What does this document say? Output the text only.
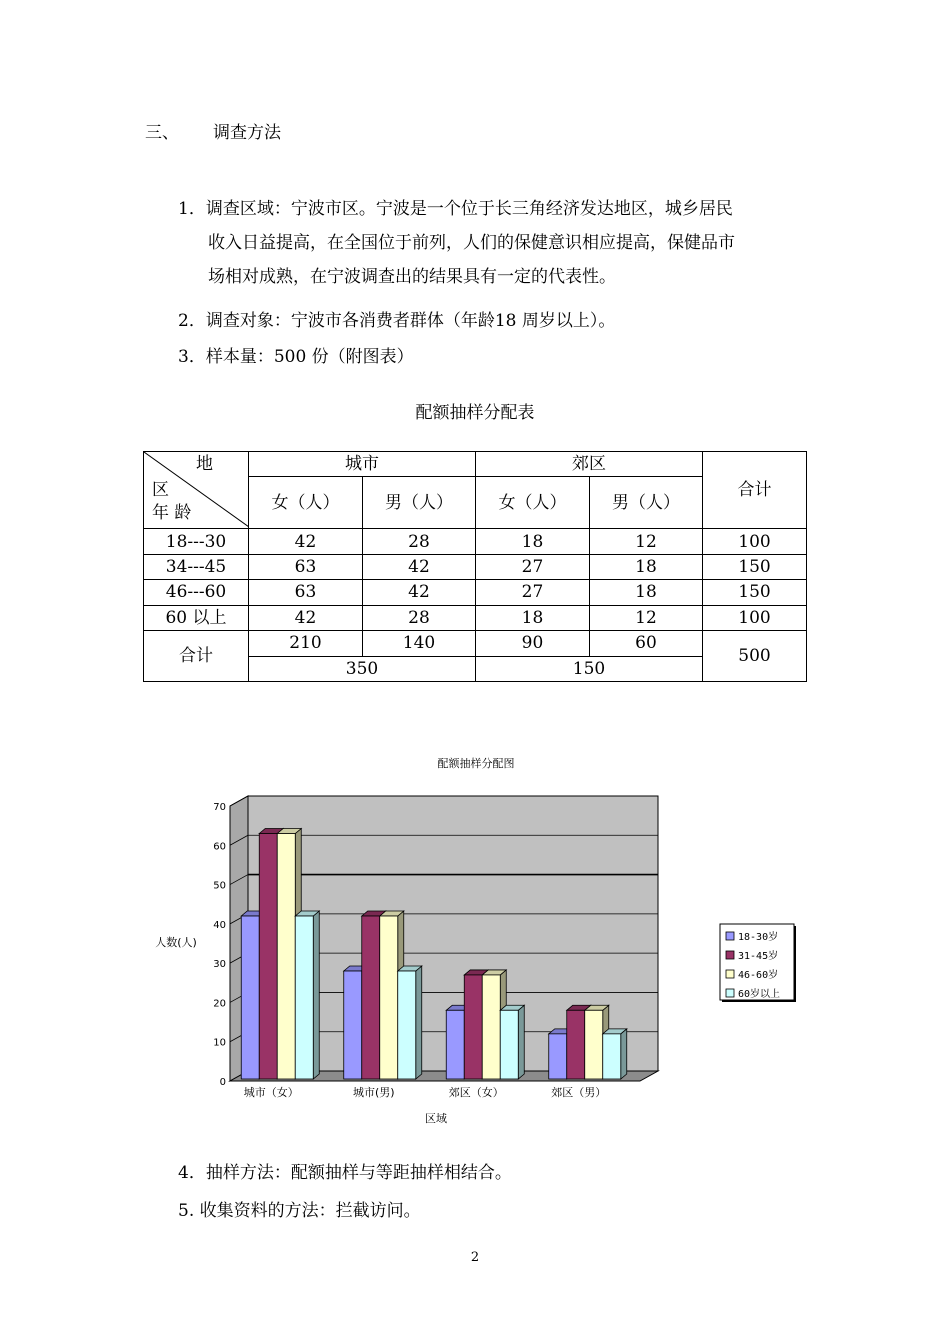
三、 调查方法
1．调查区域：宁波市区。宁波是一个位于长三角经济发达地区，城乡居民
收入日益提高，在全国位于前列，人们的保健意识相应提高，保健品市
场相对成熟，在宁波调查出的结果具有一定的代表性。
2．调查对象：宁波市各消费者群体（年龄18 周岁以上）。
3．样本量：500 份（附图表）
配额抽样分配表
地
区
年 龄	城市		郊区		合计
	女（人）	男（人）	女（人）	男（人）	
18---30	42	28	18	12	100
34---45	63	42	27	18	150
46---60	63	42	27	18	150
60 以上	42	28	18	12	100
合计	210	140	90	60	500
	350		150		
配额抽样分配图
0
10
20
30
40
50
60
70
人数(人)
城市（女）	城市(男)	郊区（女）	郊区（男）
区域
18-30岁
31-45岁
46-60岁
60岁以上
4．抽样方法：配额抽样与等距抽样相结合。
5. 收集资料的方法：拦截访问。
2
